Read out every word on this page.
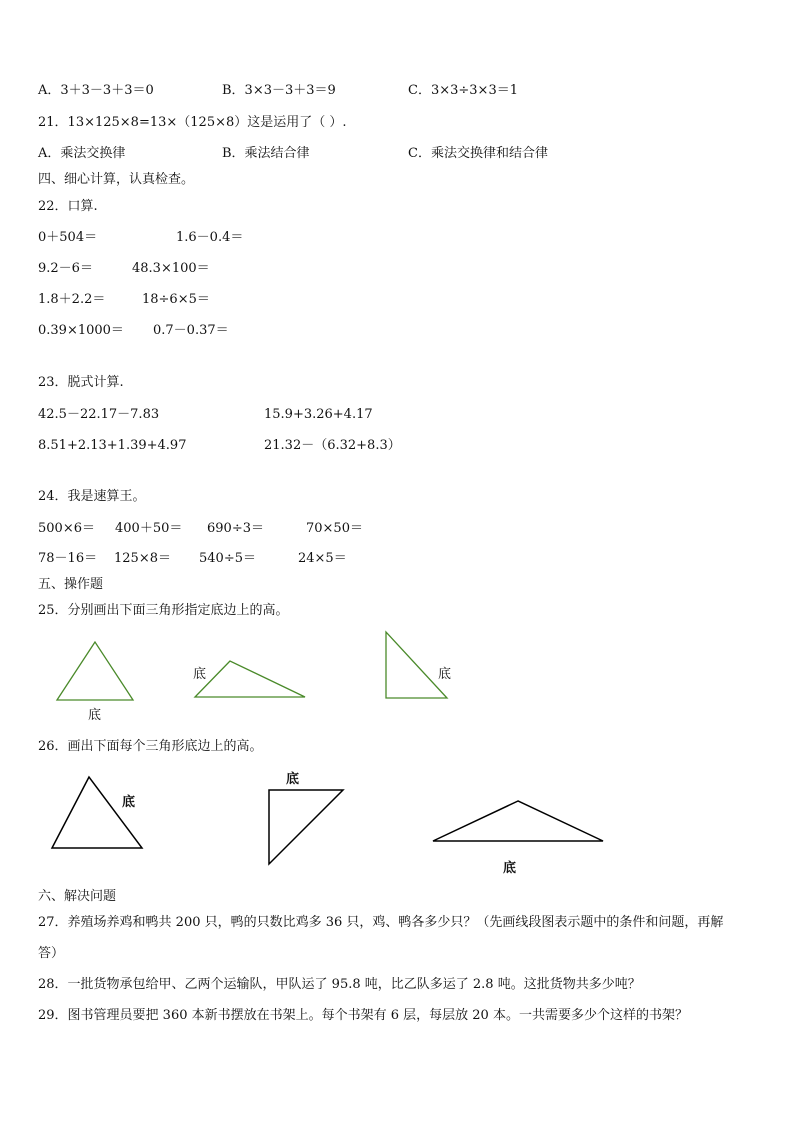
A．3＋3－3＋3＝0	B．3×3－3＋3＝9	C．3×3÷3×3＝1
21．13×125×8=13×（125×8）这是运用了（ ）.
A．乘法交换律	B．乘法结合律	C．乘法交换律和结合律
四、细心计算，认真检查。
22．口算.
0＋504＝	1.6－0.4＝
9.2－6＝	48.3×100＝
1.8＋2.2＝	18÷6×5＝
0.39×1000＝ 0.7－0.37＝
23．脱式计算.
42.5－22.17－7.83	15.9+3.26+4.17
8.51+2.13+1.39+4.97	21.32－（6.32+8.3）
24．我是速算王。
500×6＝ 400＋50＝ 690÷3＝	70×50＝
78－16＝ 125×8＝ 540÷5＝	24×5＝
五、操作题
25．分别画出下面三角形指定底边上的高。
底
底	底
26．画出下面每个三角形底边上的高。
底
底
底
六、解决问题
27．养殖场养鸡和鸭共 200 只，鸭的只数比鸡多 36 只，鸡、鸭各多少只？（先画线段图表示题中的条件和问题，再解
答）
28．一批货物承包给甲、乙两个运输队，甲队运了 95.8 吨，比乙队多运了 2.8 吨。这批货物共多少吨？
29．图书管理员要把 360 本新书摆放在书架上。每个书架有 6 层，每层放 20 本。一共需要多少个这样的书架？
